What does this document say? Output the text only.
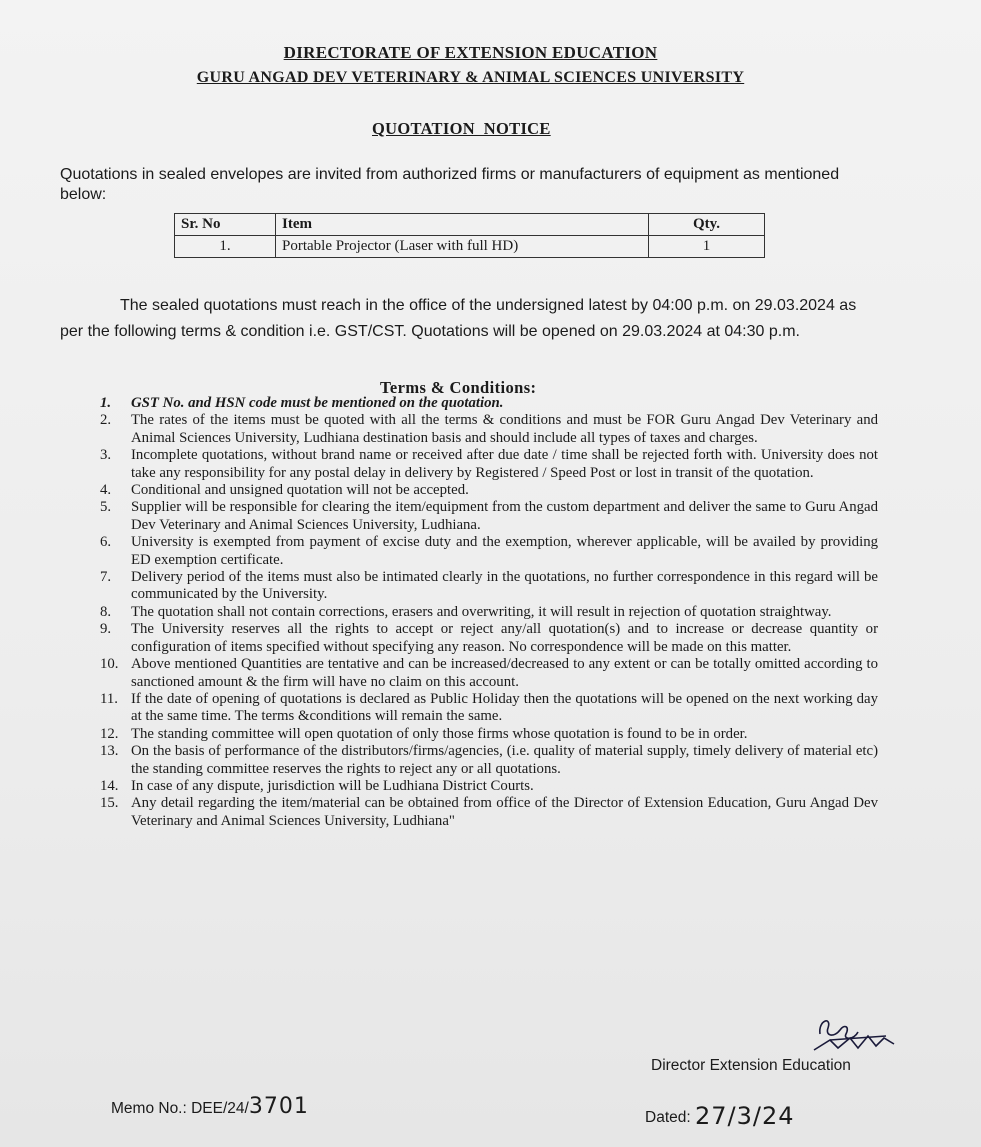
DIRECTORATE OF EXTENSION EDUCATION
GURU ANGAD DEV VETERINARY & ANIMAL SCIENCES UNIVERSITY
QUOTATION  NOTICE
Quotations in sealed envelopes are invited from authorized firms or manufacturers of equipment as mentioned below:
Sr. No	Item	Qty.
1.	Portable Projector (Laser with full HD)	1
The sealed quotations must reach in the office of the undersigned latest by 04:00 p.m. on 29.03.2024 as per the following terms & condition i.e. GST/CST. Quotations will be opened on 29.03.2024 at 04:30 p.m.
Terms & Conditions:
1. GST No. and HSN code must be mentioned on the quotation.
2. The rates of the items must be quoted with all the terms & conditions and must be FOR Guru Angad Dev Veterinary and Animal Sciences University, Ludhiana destination basis and should include all types of taxes and charges.
3. Incomplete quotations, without brand name or received after due date / time shall be rejected forth with. University does not take any responsibility for any postal delay in delivery by Registered / Speed Post or lost in transit of the quotation.
4. Conditional and unsigned quotation will not be accepted.
5. Supplier will be responsible for clearing the item/equipment from the custom department and deliver the same to Guru Angad Dev Veterinary and Animal Sciences University, Ludhiana.
6. University is exempted from payment of excise duty and the exemption, wherever applicable, will be availed by providing ED exemption certificate.
7. Delivery period of the items must also be intimated clearly in the quotations, no further correspondence in this regard will be communicated by the University.
8. The quotation shall not contain corrections, erasers and overwriting, it will result in rejection of quotation straightway.
9. The University reserves all the rights to accept or reject any/all quotation(s) and to increase or decrease quantity or configuration of items specified without specifying any reason. No correspondence will be made on this matter.
10. Above mentioned Quantities are tentative and can be increased/decreased to any extent or can be totally omitted according to sanctioned amount & the firm will have no claim on this account.
11. If the date of opening of quotations is declared as Public Holiday then the quotations will be opened on the next working day at the same time. The terms &conditions will remain the same.
12. The standing committee will open quotation of only those firms whose quotation is found to be in order.
13. On the basis of performance of the distributors/firms/agencies, (i.e. quality of material supply, timely delivery of material etc) the standing committee reserves the rights to reject any or all quotations.
14. In case of any dispute, jurisdiction will be Ludhiana District Courts.
15. Any detail regarding the item/material can be obtained from office of the Director of Extension Education, Guru Angad Dev Veterinary and Animal Sciences University, Ludhiana"
Director Extension Education
Memo No.: DEE/24/3701	Dated: 27/3/24
